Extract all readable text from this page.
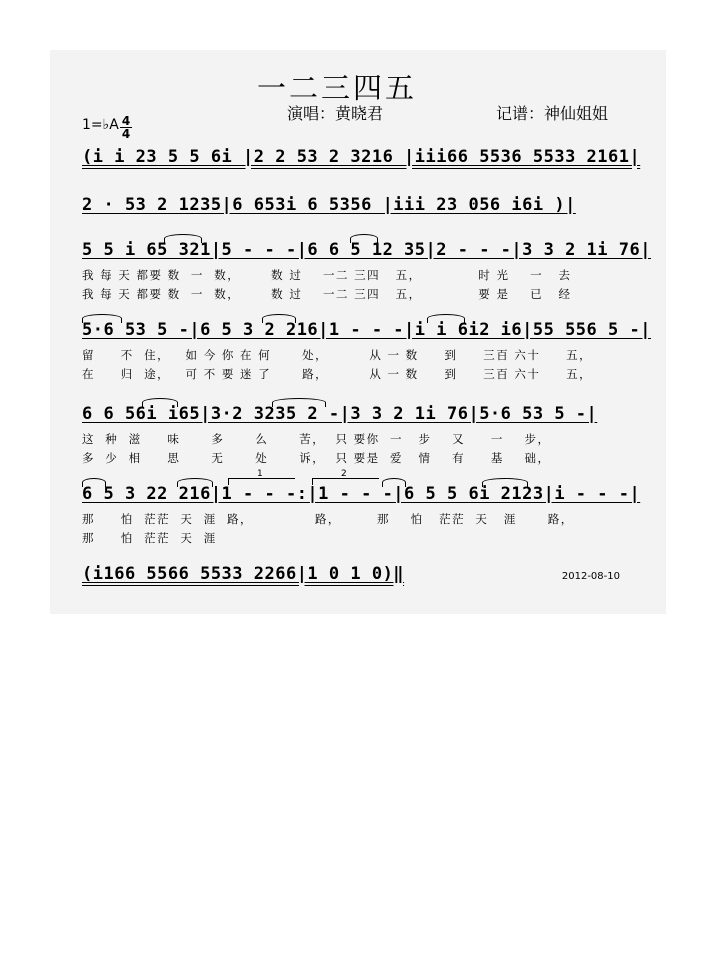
一二三四五
演唱：黄晓君	记谱：神仙姐姐
1=♭A 4
4
(i i 23 5 5 6i |2 2 53 2 3216 |iii66 5536 5533 2161|
2 · 53 2 1235|6 653i 6 5356 |iii 23 056 i6i )|
5 5 i 65 321|5 - - -|6 6 5 12 35|2 - - -|3 3 2 1i 76|
我 每 天 都要 数  一  数，      数 过    一二 三四   五，           时 光    一   去
我 每 天 都要 数  一  数，      数 过    一二 三四   五，           要 是    已   经
5·6 53 5 -|6 5 3 2 216|1 - - -|i i 6i2 i6|55 556 5 -|
留     不  住，   如 今 你 在 何      处，        从 一 数     到     三百 六十     五，
在     归  途，   可 不 要 迷 了      路，        从 一 数     到     三百 六十     五，
6 6 56i i65|3·2 3235 2 -|3 3 2 1i 76|5·6 53 5 -|
这  种  滋     味      多      么      苦，  只 要你  一   步    又     一    步，
多  少  相     思      无      处      诉，  只 要是  爱   情    有     基    础，
6 5 3 22 216|1 - - -:|1 - - -|6 5 5 6i 2123|i - - -|
那     怕  茫茫  天  涯  路，            路，       那    怕   茫茫  天   涯      路，
那     怕  茫茫  天  涯
1	2
(i166 5566 5533 2266|1 0 1 0)‖	2012-08-10
